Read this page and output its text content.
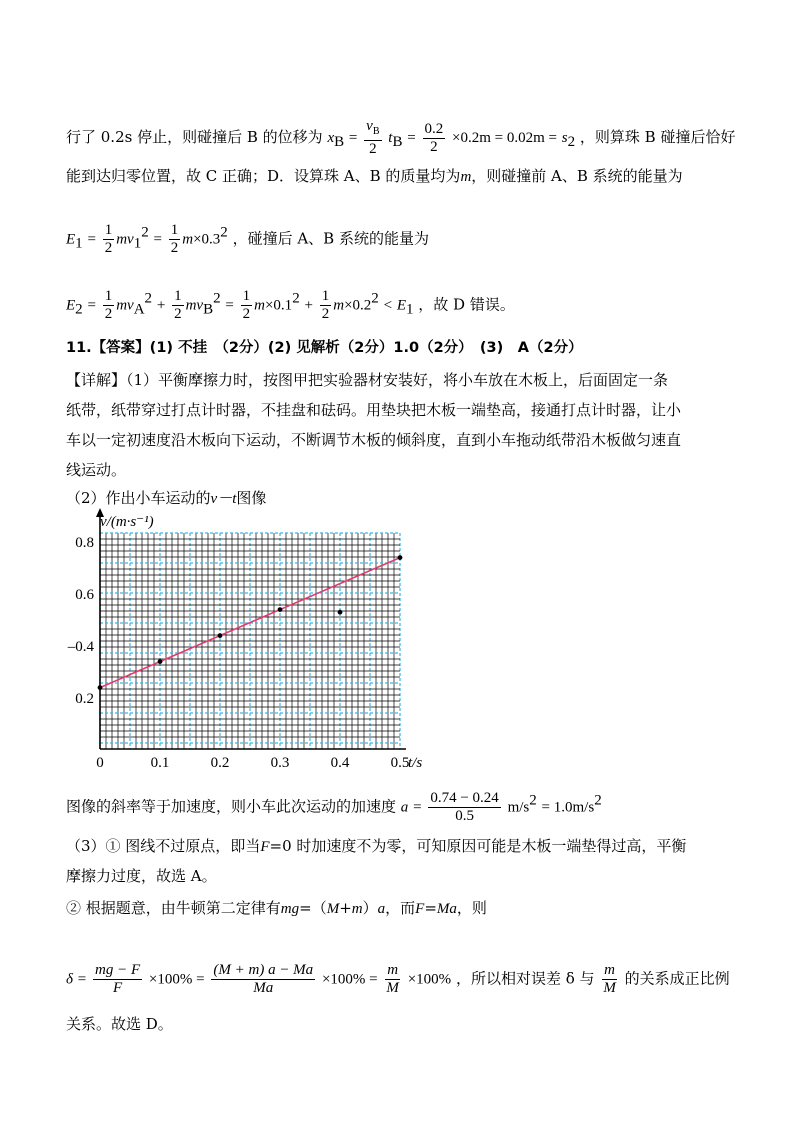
行了 0.2s 停止，则碰撞后 B 的位移为 xB = $\frac{v_B}{2}$ tB = $\frac{0.2}{2} \times 0.2m = 0.02m = s2$ ，则算珠 B 碰撞后恰好
能到达归零位置，故 C 正确；D．设算珠 A、B 的质量均为m，则碰撞前 A、B 系统的能量为
$E1 = \frac{1}{2} mv12 = \frac{1}{2} m\times 0.32$ ，碰撞后 A、B 系统的能量为
$E2 = \frac{1}{2} mvA2 + \frac{1}{2} mvB2 = \frac{1}{2} m\times 0.12 + \frac{1}{2} m\times 0.22 < E1$ ，故 D 错误。
11.【答案】(1) 不挂　（2分）(2) 见解析（2分）1.0（2分）　(3)　A（2分）
【详解】（1）平衡摩擦力时，按图甲把实验器材安装好，将小车放在木板上，后面固定一条
纸带，纸带穿过打点计时器，不挂盘和砝码。用垫块把木板一端垫高，接通打点计时器，让小
车以一定初速度沿木板向下运动，不断调节木板的倾斜度，直到小车拖动纸带沿木板做匀速直
线运动。
（2）作出小车运动的v－t图像
0	0.1	0.2	0.3	0.4	0.5
0.2
–0.4
0.6
0.8
v/(m·s⁻¹)
t/s
图像的斜率等于加速度，则小车此次运动的加速度 $a = \frac{0.74 - 0.24}{0.5} m/s2 = 1.0m/s2$
（3）① 图线不过原点，即当F=0 时加速度不为零，可知原因可能是木板一端垫得过高，平衡
摩擦力过度，故选 A。
② 根据题意，由牛顿第二定律有mg=（M+m）a，而F=Ma，则
$\delta = \frac{mg - F}{F} \times 100\% = \frac{(M + m) a - Ma}{Ma} \times 100\% = \frac{m}{M} \times 100\%$ ，所以相对误差 δ 与 $\frac{m}{M}$ 的关系成正比例
关系。故选 D。
